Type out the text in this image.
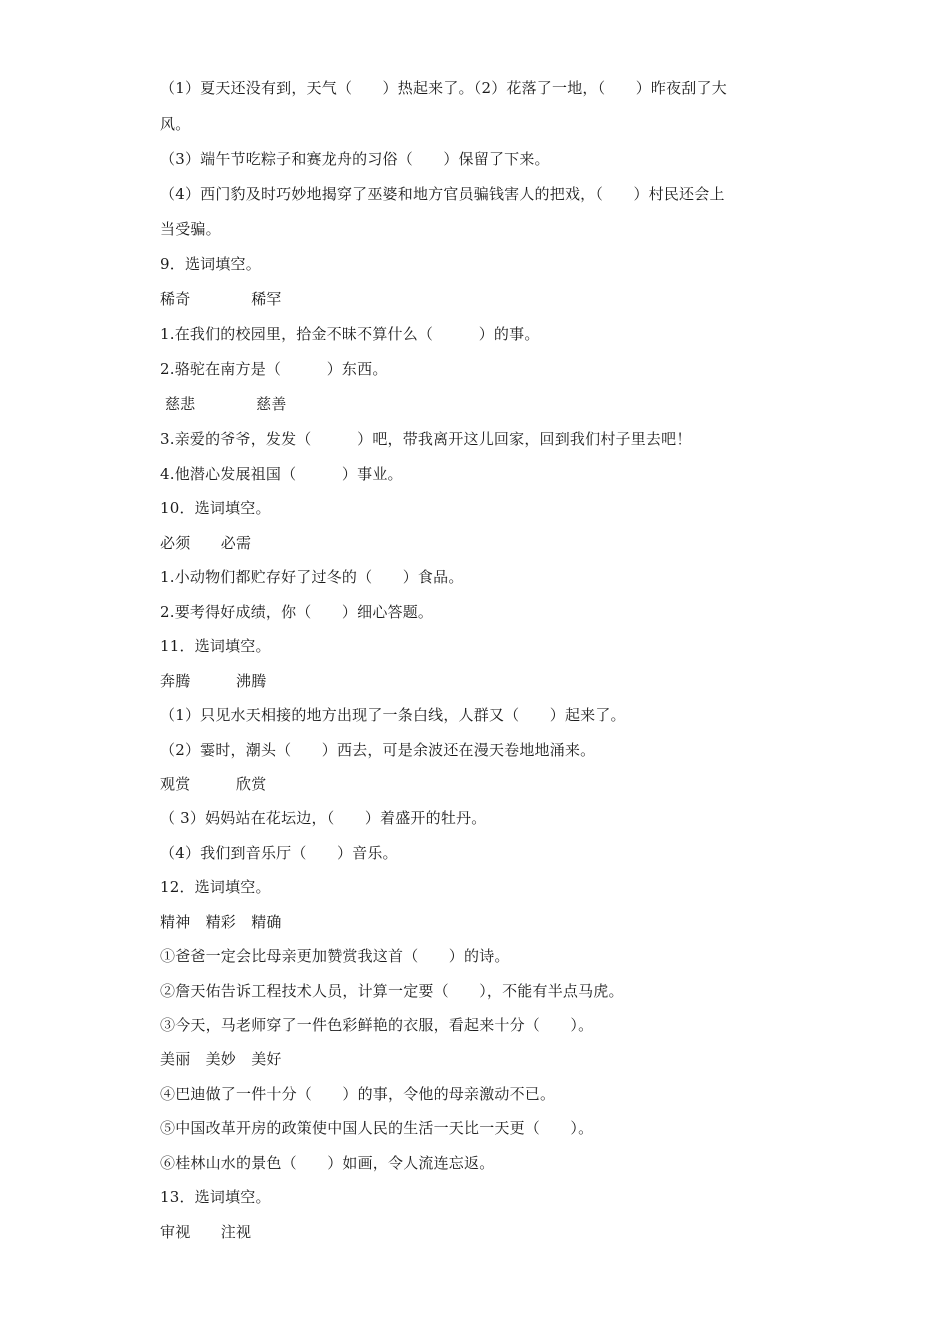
（1）夏天还没有到，天气（　　）热起来了。（2）花落了一地，（　　）昨夜刮了大
风。
（3）端午节吃粽子和赛龙舟的习俗（　　）保留了下来。
（4）西门豹及时巧妙地揭穿了巫婆和地方官员骗钱害人的把戏，（　　）村民还会上
当受骗。
9．选词填空。
稀奇　　　　稀罕
1.在我们的校园里，拾金不昧不算什么（　　　）的事。
2.骆驼在南方是（　　　）东西。
慈悲　　　　慈善
3.亲爱的爷爷，发发（　　　）吧，带我离开这儿回家，回到我们村子里去吧！
4.他潜心发展祖国（　　　）事业。
10．选词填空。
必须　　必需
1.小动物们都贮存好了过冬的（　　）食品。
2.要考得好成绩，你（　　）细心答题。
11．选词填空。
奔腾　　　沸腾
（1）只见水天相接的地方出现了一条白线，人群又（　　）起来了。
（2）霎时，潮头（　　）西去，可是余波还在漫天卷地地涌来。
观赏　　　欣赏
（ 3）妈妈站在花坛边，（　　）着盛开的牡丹。
（4）我们到音乐厅（　　）音乐。
12．选词填空。
精神　精彩　精确
①爸爸一定会比母亲更加赞赏我这首（　　）的诗。
②詹天佑告诉工程技术人员，计算一定要（　　），不能有半点马虎。
③今天，马老师穿了一件色彩鲜艳的衣服，看起来十分（　　）。
美丽　美妙　美好
④巴迪做了一件十分（　　）的事，令他的母亲激动不已。
⑤中国改革开房的政策使中国人民的生活一天比一天更（　　）。
⑥桂林山水的景色（　　）如画，令人流连忘返。
13．选词填空。
审视　　注视
